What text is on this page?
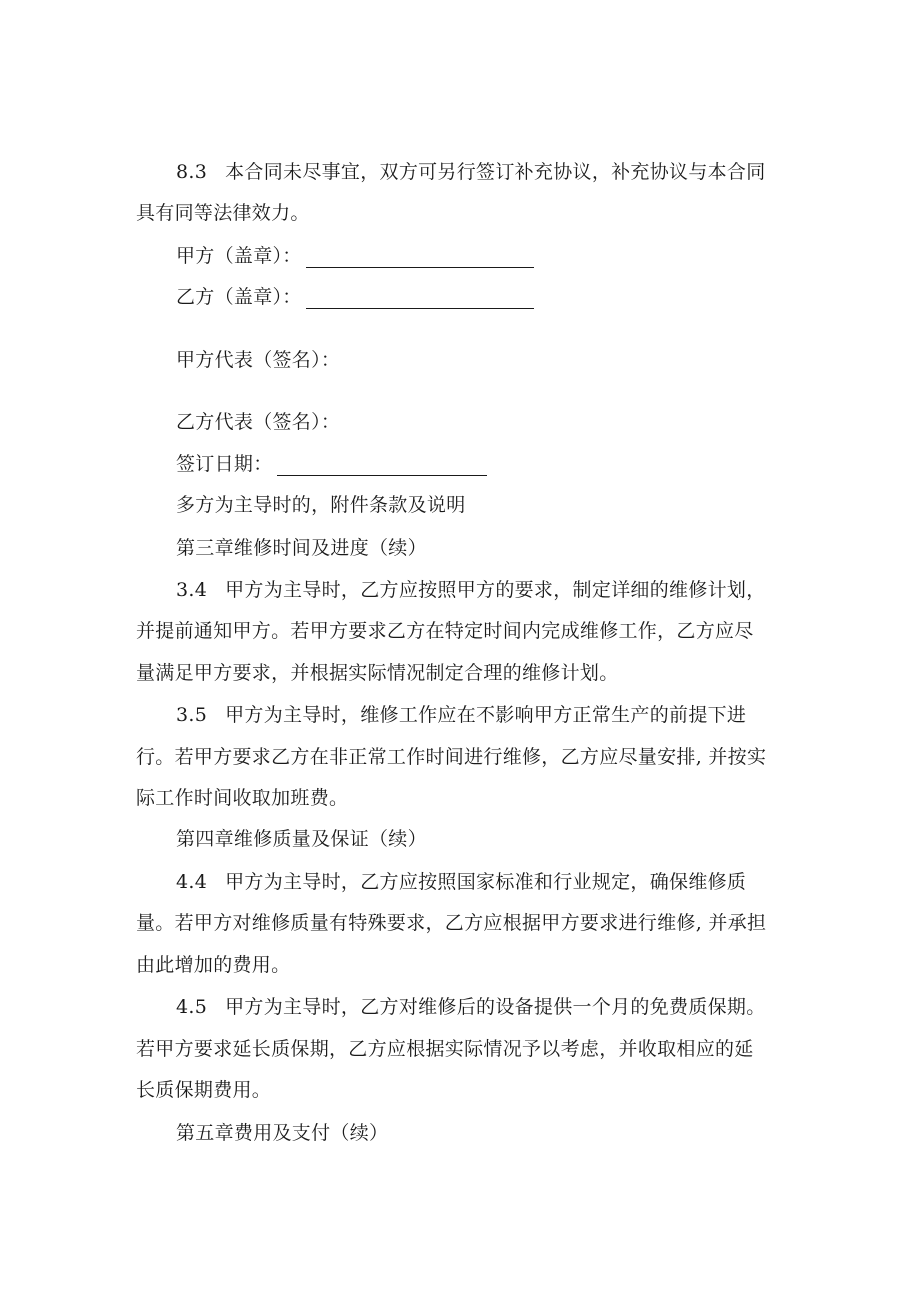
8.3 本合同未尽事宜，双方可另行签订补充协议，补充协议与本合同
具有同等法律效力。
甲方（盖章）：
乙方（盖章）：
甲方代表（签名）：
乙方代表（签名）：
签订日期：
多方为主导时的，附件条款及说明
第三章维修时间及进度（续）
3.4 甲方为主导时，乙方应按照甲方的要求，制定详细的维修计划，
并提前通知甲方。若甲方要求乙方在特定时间内完成维修工作，乙方应尽
量满足甲方要求，并根据实际情况制定合理的维修计划。
3.5 甲方为主导时，维修工作应在不影响甲方正常生产的前提下进
行。若甲方要求乙方在非正常工作时间进行维修，乙方应尽量安排, 并按实
际工作时间收取加班费。
第四章维修质量及保证（续）
4.4 甲方为主导时，乙方应按照国家标准和行业规定，确保维修质
量。若甲方对维修质量有特殊要求，乙方应根据甲方要求进行维修, 并承担
由此增加的费用。
4.5 甲方为主导时，乙方对维修后的设备提供一个月的免费质保期。
若甲方要求延长质保期，乙方应根据实际情况予以考虑，并收取相应的延
长质保期费用。
第五章费用及支付（续）
